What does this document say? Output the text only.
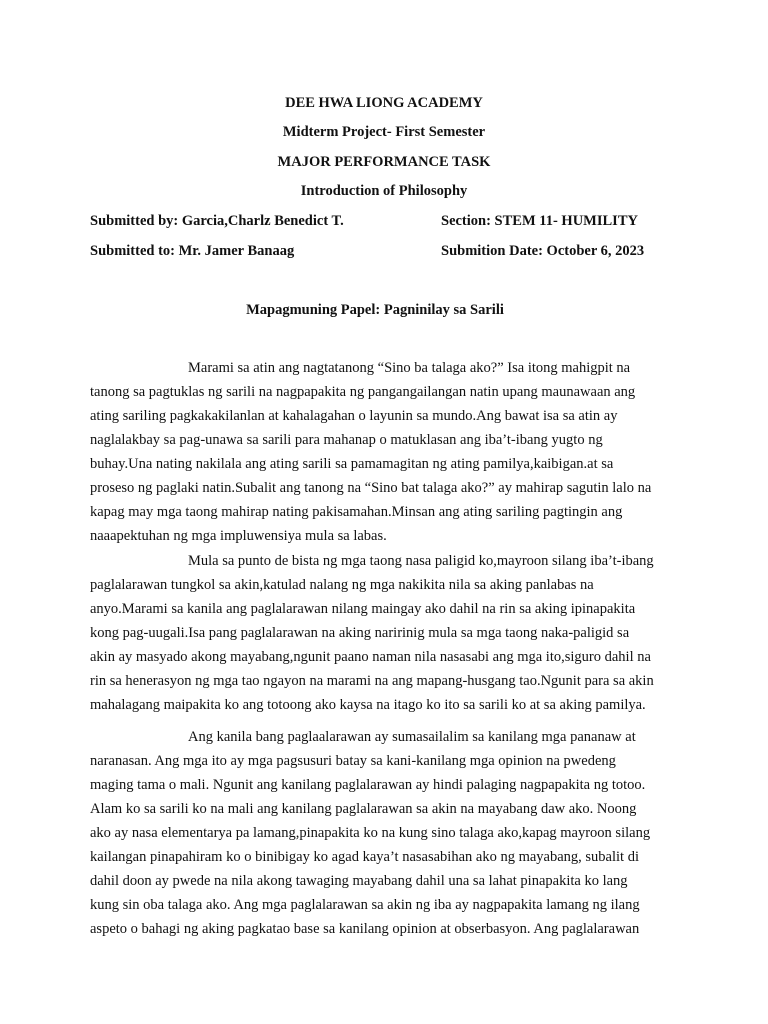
DEE HWA LIONG ACADEMY
Midterm Project- First Semester
MAJOR PERFORMANCE TASK
Introduction of Philosophy
Submitted by: Garcia,Charlz Benedict T.	Section: STEM 11- HUMILITY
Submitted to: Mr. Jamer Banaag	Submition Date: October 6, 2023
Mapagmuning Papel: Pagninilay sa Sarili
Marami sa atin ang nagtatanong “Sino ba talaga ako?” Isa itong mahigpit na
tanong sa pagtuklas ng sarili na nagpapakita ng pangangailangan natin upang maunawaan ang
ating sariling pagkakakilanlan at kahalagahan o layunin sa mundo.Ang bawat isa sa atin ay
naglalakbay sa pag-unawa sa sarili para mahanap o matuklasan ang iba’t-ibang yugto ng
buhay.Una nating nakilala ang ating sarili sa pamamagitan ng ating pamilya,kaibigan.at sa
proseso ng paglaki natin.Subalit ang tanong na “Sino bat talaga ako?” ay mahirap sagutin lalo na
kapag may mga taong mahirap nating pakisamahan.Minsan ang ating sariling pagtingin ang
naaapektuhan ng mga impluwensiya mula sa labas.
Mula sa punto de bista ng mga taong nasa paligid ko,mayroon silang iba’t-ibang
paglalarawan tungkol sa akin,katulad nalang ng mga nakikita nila sa aking panlabas na
anyo.Marami sa kanila ang paglalarawan nilang maingay ako dahil na rin sa aking ipinapakita
kong pag-uugali.Isa pang paglalarawan na aking naririnig mula sa mga taong naka-paligid sa
akin ay masyado akong mayabang,ngunit paano naman nila nasasabi ang mga ito,siguro dahil na
rin sa henerasyon ng mga tao ngayon na marami na ang mapang-husgang tao.Ngunit para sa akin
mahalagang maipakita ko ang totoong ako kaysa na itago ko ito sa sarili ko at sa aking pamilya.
Ang kanila bang paglaalarawan ay sumasailalim sa kanilang mga pananaw at
naranasan. Ang mga ito ay mga pagsusuri batay sa kani-kanilang mga opinion na pwedeng
maging tama o mali. Ngunit ang kanilang paglalarawan ay hindi palaging nagpapakita ng totoo.
Alam ko sa sarili ko na mali ang kanilang paglalarawan sa akin na mayabang daw ako. Noong
ako ay nasa elementarya pa lamang,pinapakita ko na kung sino talaga ako,kapag mayroon silang
kailangan pinapahiram ko o binibigay ko agad kaya’t nasasabihan ako ng mayabang, subalit di
dahil doon ay pwede na nila akong tawaging mayabang dahil una sa lahat pinapakita ko lang
kung sin oba talaga ako. Ang mga paglalarawan sa akin ng iba ay nagpapakita lamang ng ilang
aspeto o bahagi ng aking pagkatao base sa kanilang opinion at obserbasyon. Ang paglalarawan
